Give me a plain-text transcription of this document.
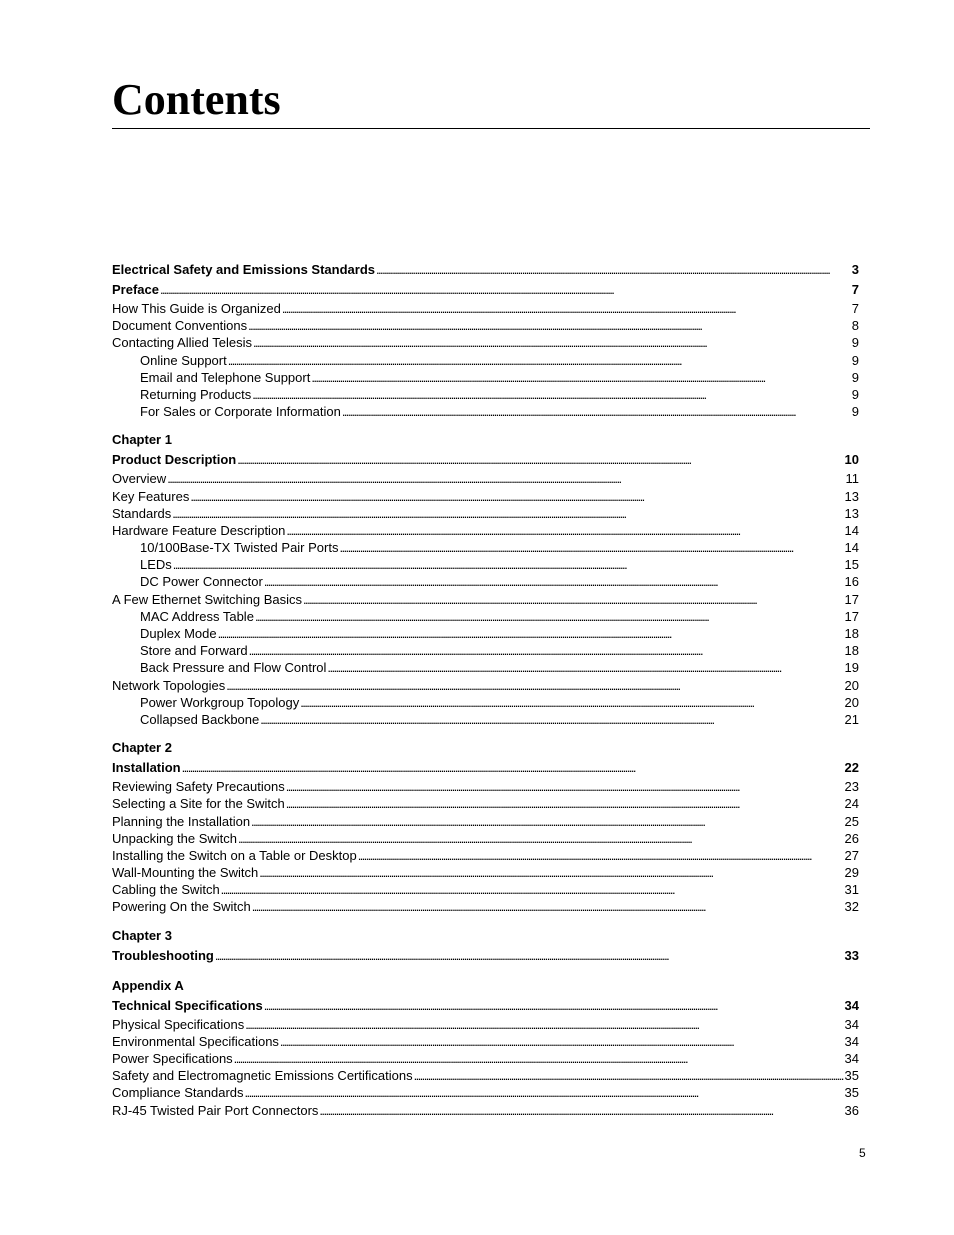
Contents
Electrical Safety and Emissions Standards . . .	3
Preface . . .	7
How This Guide is Organized . . .	7
Document Conventions . . .	8
Contacting Allied Telesis . . .	9
Online Support . . .	9
Email and Telephone Support . . .	9
Returning Products . . .	9
For Sales or Corporate Information . . .	9
Chapter 1
Product Description . . .	10
Overview . . .	11
Key Features . . .	13
Standards . . .	13
Hardware Feature Description . . .	14
10/100Base-TX Twisted Pair Ports . . .	14
LEDs . . .	15
DC Power Connector . . .	16
A Few Ethernet Switching Basics . . .	17
MAC Address Table . . .	17
Duplex Mode . . .	18
Store and Forward . . .	18
Back Pressure and Flow Control . . .	19
Network Topologies . . .	20
Power Workgroup Topology . . .	20
Collapsed Backbone . . .	21
Chapter 2
Installation . . .	22
Reviewing Safety Precautions . . .	23
Selecting a Site for the Switch . . .	24
Planning the Installation . . .	25
Unpacking the Switch . . .	26
Installing the Switch on a Table or Desktop . . .	27
Wall-Mounting the Switch . . .	29
Cabling the Switch . . .	31
Powering On the Switch . . .	32
Chapter 3
Troubleshooting . . .	33
Appendix A
Technical Specifications . . .	34
Physical Specifications . . .	34
Environmental Specifications . . .	34
Power Specifications . . .	34
Safety and Electromagnetic Emissions Certifications . . .	35
Compliance Standards . . .	35
RJ-45 Twisted Pair Port Connectors . . .	36
5
